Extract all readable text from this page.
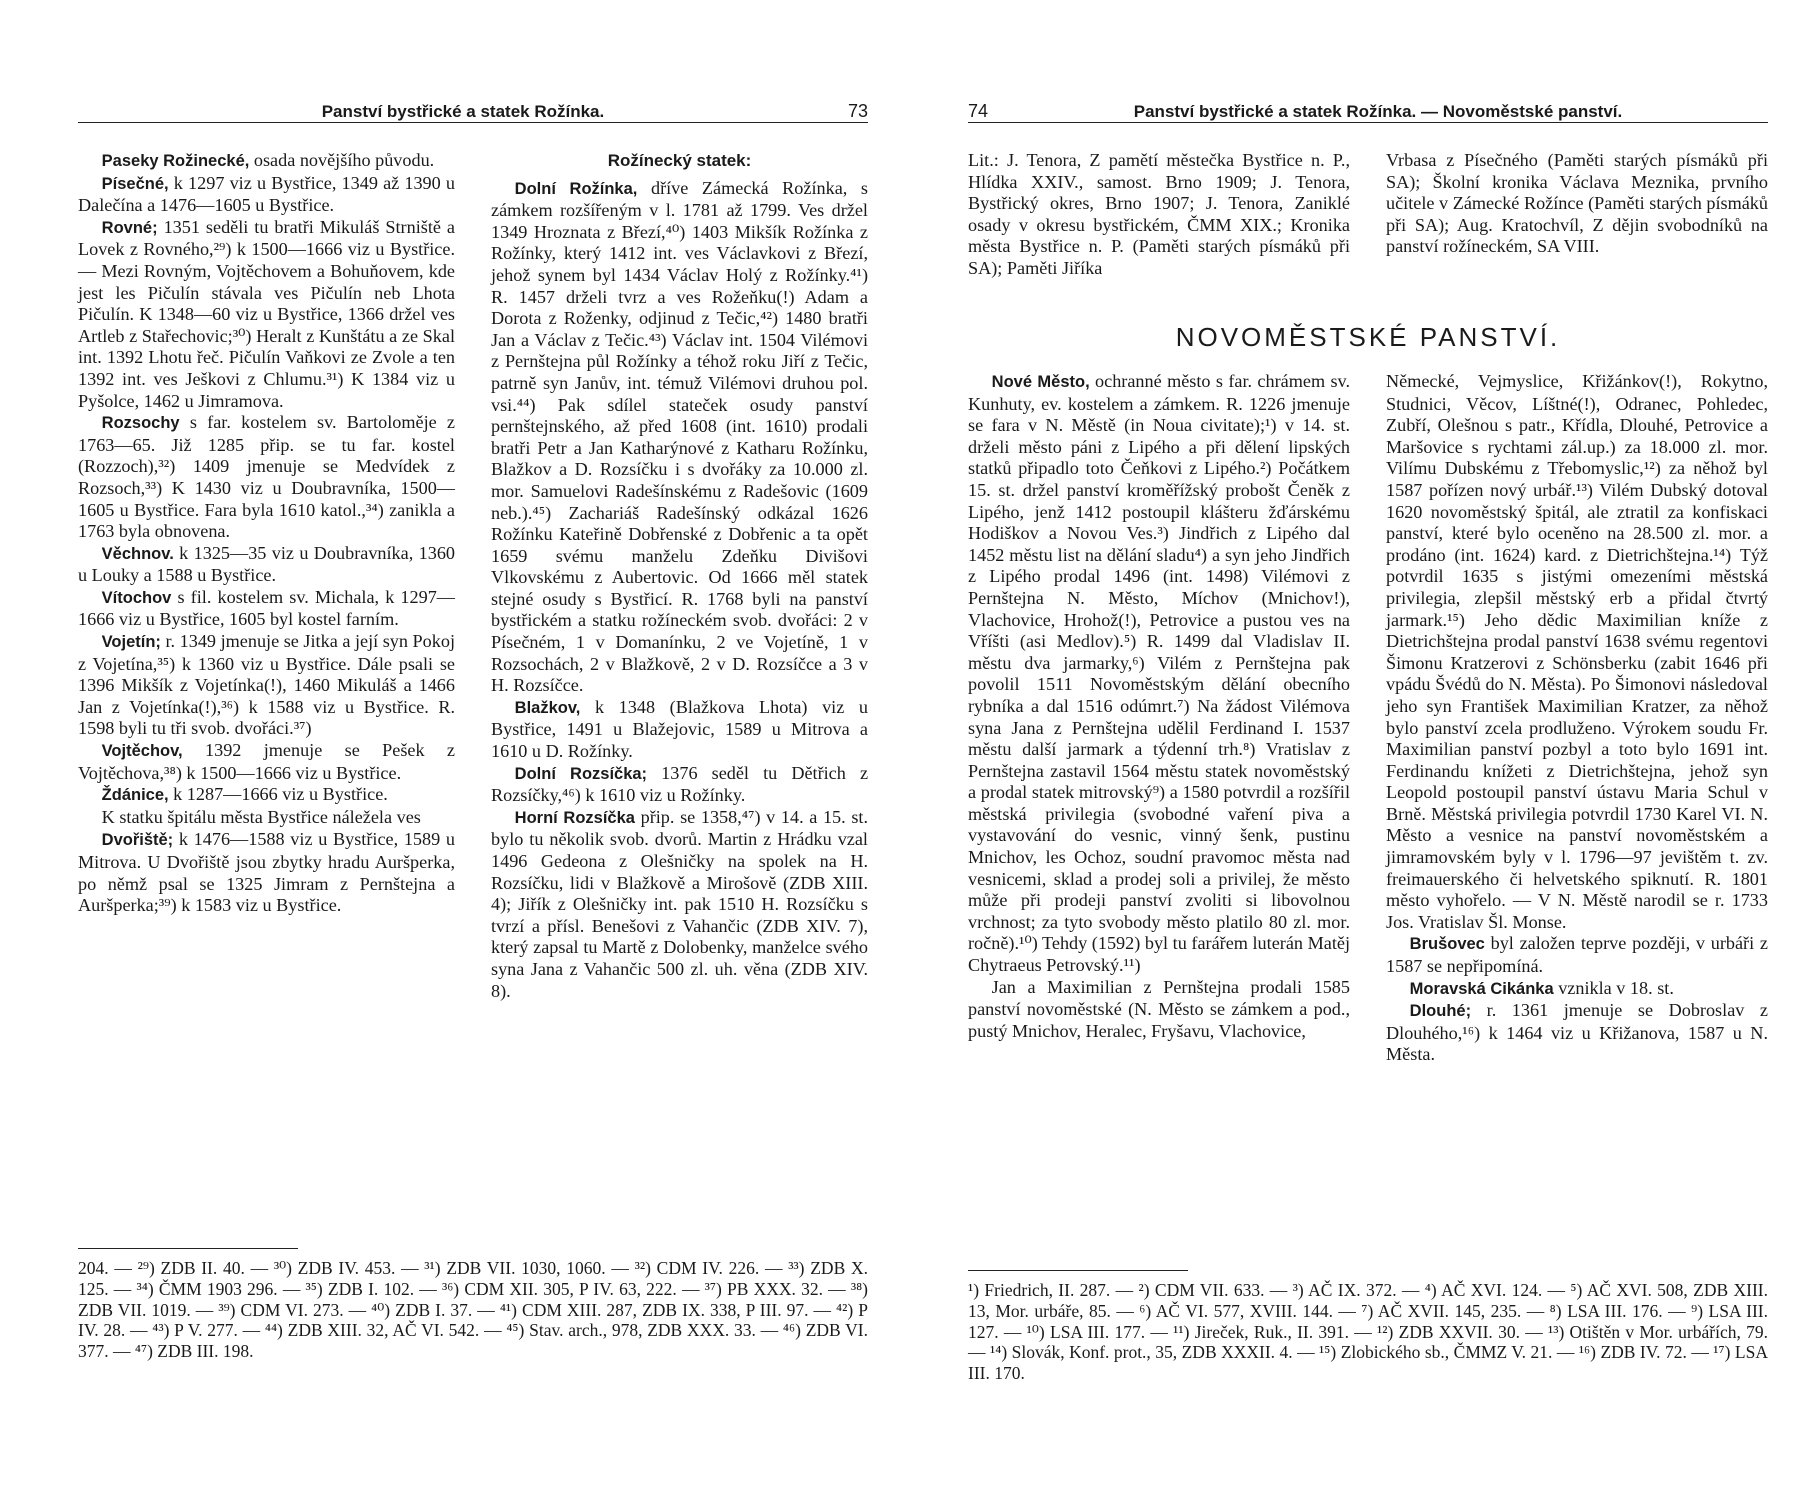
Panství bystřické a statek Rožínka.	73

Paseky Rožinecké, osada novějšího původu.

Písečné, k 1297 viz u Bystřice, 1349 až 1390 u Dalečína a 1476—1605 u Bystřice.

Rovné; 1351 seděli tu bratři Mikuláš Strniště a Lovek z Rovného,²⁹) k 1500—1666 viz u Bystřice. — Mezi Rovným, Vojtěchovem a Bohuňovem, kde jest les Pičulín stávala ves Pičulín neb Lhota Pičulín. K 1348—60 viz u Bystřice, 1366 držel ves Artleb z Stařechovic;³⁰) Heralt z Kunštátu a ze Skal int. 1392 Lhotu řeč. Pičulín Vaňkovi ze Zvole a ten 1392 int. ves Ješkovi z Chlumu.³¹) K 1384 viz u Pyšolce, 1462 u Jimramova.

Rozsochy s far. kostelem sv. Bartoloměje z 1763—65. Již 1285 přip. se tu far. kostel (Rozzoch),³²) 1409 jmenuje se Medvídek z Rozsoch,³³) K 1430 viz u Doubravníka, 1500—1605 u Bystřice. Fara byla 1610 katol.,³⁴) zanikla a 1763 byla obnovena.

Věchnov. k 1325—35 viz u Doubravníka, 1360 u Louky a 1588 u Bystřice.

Vítochov s fil. kostelem sv. Michala, k 1297—1666 viz u Bystřice, 1605 byl kostel farním.

Vojetín; r. 1349 jmenuje se Jitka a její syn Pokoj z Vojetína,³⁵) k 1360 viz u Bystřice. Dále psali se 1396 Mikšík z Vojetínka(!), 1460 Mikuláš a 1466 Jan z Vojetínka(!),³⁶) k 1588 viz u Bystřice. R. 1598 byli tu tři svob. dvořáci.³⁷)

Vojtěchov, 1392 jmenuje se Pešek z Vojtěchova,³⁸) k 1500—1666 viz u Bystřice.

Ždánice, k 1287—1666 viz u Bystřice.

K statku špitálu města Bystřice náležela ves

Dvořiště; k 1476—1588 viz u Bystřice, 1589 u Mitrova. U Dvořiště jsou zbytky hradu Auršperka, po němž psal se 1325 Jimram z Pernštejna a Auršperka;³⁹) k 1583 viz u Bystřice.

Rožínecký statek:

Dolní Rožínka, dříve Zámecká Rožínka, s zámkem rozšířeným v l. 1781 až 1799. Ves držel 1349 Hroznata z Březí,⁴⁰) 1403 Mikšík Rožínka z Rožínky, který 1412 int. ves Václavkovi z Březí, jehož synem byl 1434 Václav Holý z Rožínky.⁴¹) R. 1457 drželi tvrz a ves Rožeňku(!) Adam a Dorota z Roženky, odjinud z Tečic,⁴²) 1480 bratři Jan a Václav z Tečic.⁴³) Václav int. 1504 Vilémovi z Pernštejna půl Rožínky a téhož roku Jiří z Tečic, patrně syn Janův, int. témuž Vilémovi druhou pol. vsi.⁴⁴) Pak sdílel stateček osudy panství pernštejnského, až před 1608 (int. 1610) prodali bratři Petr a Jan Katharýnové z Katharu Rožínku, Blažkov a D. Rozsíčku i s dvořáky za 10.000 zl. mor. Samuelovi Radešínskému z Radešovic (1609 neb.).⁴⁵) Zachariáš Radešínský odkázal 1626 Rožínku Kateřině Dobřenské z Dobřenic a ta opět 1659 svému manželu Zdeňku Divišovi Vlkovskému z Aubertovic. Od 1666 měl statek stejné osudy s Bystřicí. R. 1768 byli na panství bystřickém a statku rožíneckém svob. dvořáci: 2 v Písečném, 1 v Domanínku, 2 ve Vojetíně, 1 v Rozsochách, 2 v Blažkově, 2 v D. Rozsíčce a 3 v H. Rozsíčce.

Blažkov, k 1348 (Blažkova Lhota) viz u Bystřice, 1491 u Blažejovic, 1589 u Mitrova a 1610 u D. Rožínky.

Dolní Rozsíčka; 1376 seděl tu Dětřich z Rozsíčky,⁴⁶) k 1610 viz u Rožínky.

Horní Rozsíčka přip. se 1358,⁴⁷) v 14. a 15. st. bylo tu několik svob. dvorů. Martin z Hrádku vzal 1496 Gedeona z Olešničky na spolek na H. Rozsíčku, lidi v Blažkově a Mirošově (ZDB XIII. 4); Jiřík z Olešničky int. pak 1510 H. Rozsíčku s tvrzí a přísl. Benešovi z Vahančic (ZDB XIV. 7), který zapsal tu Martě z Dolobenky, manželce svého syna Jana z Vahančic 500 zl. uh. věna (ZDB XIV. 8).

204. — ²⁹) ZDB II. 40. — ³⁰) ZDB IV. 453. — ³¹) ZDB VII. 1030, 1060. — ³²) CDM IV. 226. — ³³) ZDB X. 125. — ³⁴) ČMM 1903 296. — ³⁵) ZDB I. 102. — ³⁶) CDM XII. 305, P IV. 63, 222. — ³⁷) PB XXX. 32. — ³⁸) ZDB VII. 1019. — ³⁹) CDM VI. 273. — ⁴⁰) ZDB I. 37. — ⁴¹) CDM XIII. 287, ZDB IX. 338, P III. 97. — ⁴²) P IV. 28. — ⁴³) P V. 277. — ⁴⁴) ZDB XIII. 32, AČ VI. 542. — ⁴⁵) Stav. arch., 978, ZDB XXX. 33. — ⁴⁶) ZDB VI. 377. — ⁴⁷) ZDB III. 198.
74	Panství bystřické a statek Rožínka. — Novoměstské panství.

Lit.: J. Tenora, Z pamětí městečka Bystřice n. P., Hlídka XXIV., samost. Brno 1909; J. Tenora, Bystřický okres, Brno 1907; J. Tenora, Zaniklé osady v okresu bystřickém, ČMM XIX.; Kronika města Bystřice n. P. (Paměti starých písmáků při SA); Paměti Jiříka

Vrbasa z Písečného (Paměti starých písmáků při SA); Školní kronika Václava Meznika, prvního učitele v Zámecké Rožínce (Paměti starých písmáků při SA); Aug. Kratochvíl, Z dějin svobodníků na panství rožíneckém, SA VIII.

NOVOMĚSTSKÉ PANSTVÍ.

Nové Město, ochranné město s far. chrámem sv. Kunhuty, ev. kostelem a zámkem. R. 1226 jmenuje se fara v N. Městě (in Noua civitate);¹) v 14. st. drželi město páni z Lipého a při dělení lipských statků připadlo toto Čeňkovi z Lipého.²) Počátkem 15. st. držel panství kroměřížský probošt Čeněk z Lipého, jenž 1412 postoupil klášteru žďárskému Hodiškov a Novou Ves.³) Jindřich z Lipého dal 1452 městu list na dělání sladu⁴) a syn jeho Jindřich z Lipého prodal 1496 (int. 1498) Vilémovi z Pernštejna N. Město, Míchov (Mnichov!), Vlachovice, Hrohož(!), Petrovice a pustou ves na Vříšti (asi Medlov).⁵) R. 1499 dal Vladislav II. městu dva jarmarky,⁶) Vilém z Pernštejna pak povolil 1511 Novoměstským dělání obecního rybníka a dal 1516 odúmrt.⁷) Na žádost Vilémova syna Jana z Pernštejna udělil Ferdinand I. 1537 městu další jarmark a týdenní trh.⁸) Vratislav z Pernštejna zastavil 1564 městu statek novoměstský a prodal statek mitrovský⁹) a 1580 potvrdil a rozšířil městská privilegia (svobodné vaření piva a vystavování do vesnic, vinný šenk, pustinu Mnichov, les Ochoz, soudní pravomoc města nad vesnicemi, sklad a prodej soli a privilej, že město může při prodeji panství zvoliti si libovolnou vrchnost; za tyto svobody město platilo 80 zl. mor. ročně).¹⁰) Tehdy (1592) byl tu farářem luterán Matěj Chytraeus Petrovský.¹¹)

Jan a Maximilian z Pernštejna prodali 1585 panství novoměstské (N. Město se zámkem a pod., pustý Mnichov, Heralec, Fryšavu, Vlachovice,

Německé, Vejmyslice, Křižánkov(!), Rokytno, Studnici, Věcov, Líštné(!), Odranec, Pohledec, Zubří, Olešnou s patr., Křídla, Dlouhé, Petrovice a Maršovice s rychtami zál.up.) za 18.000 zl. mor. Vilímu Dubskému z Třebomyslic,¹²) za něhož byl 1587 pořízen nový urbář.¹³) Vilém Dubský dotoval 1620 novoměstský špitál, ale ztratil za konfiskaci panství, které bylo oceněno na 28.500 zl. mor. a prodáno (int. 1624) kard. z Dietrichštejna.¹⁴) Týž potvrdil 1635 s jistými omezeními městská privilegia, zlepšil městský erb a přidal čtvrtý jarmark.¹⁵) Jeho dědic Maximilian kníže z Dietrichštejna prodal panství 1638 svému regentovi Šimonu Kratzerovi z Schönsberku (zabit 1646 při vpádu Švédů do N. Města). Po Šimonovi následoval jeho syn František Maximilian Kratzer, za něhož bylo panství zcela prodluženo. Výrokem soudu Fr. Maximilian panství pozbyl a toto bylo 1691 int. Ferdinandu knížeti z Dietrichštejna, jehož syn Leopold postoupil panství ústavu Maria Schul v Brně. Městská privilegia potvrdil 1730 Karel VI. N. Město a vesnice na panství novoměstském a jimramovském byly v l. 1796—97 jevištěm t. zv. freimauerského či helvetského spiknutí. R. 1801 město vyhořelo. — V N. Městě narodil se r. 1733 Jos. Vratislav Šl. Monse.

Brušovec byl založen teprve později, v urbáři z 1587 se nepřipomíná.

Moravská Cikánka vznikla v 18. st.

Dlouhé; r. 1361 jmenuje se Dobroslav z Dlouhého,¹⁶) k 1464 viz u Křižanova, 1587 u N. Města.

¹) Friedrich, II. 287. — ²) CDM VII. 633. — ³) AČ IX. 372. — ⁴) AČ XVI. 124. — ⁵) AČ XVI. 508, ZDB XIII. 13, Mor. urbáře, 85. — ⁶) AČ VI. 577, XVIII. 144. — ⁷) AČ XVII. 145, 235. — ⁸) LSA III. 176. — ⁹) LSA III. 127. — ¹⁰) LSA III. 177. — ¹¹) Jireček, Ruk., II. 391. — ¹²) ZDB XXVII. 30. — ¹³) Otištěn v Mor. urbářích, 79. — ¹⁴) Slovák, Konf. prot., 35, ZDB XXXII. 4. — ¹⁵) Zlobického sb., ČMMZ V. 21. — ¹⁶) ZDB IV. 72. — ¹⁷) LSA III. 170.
